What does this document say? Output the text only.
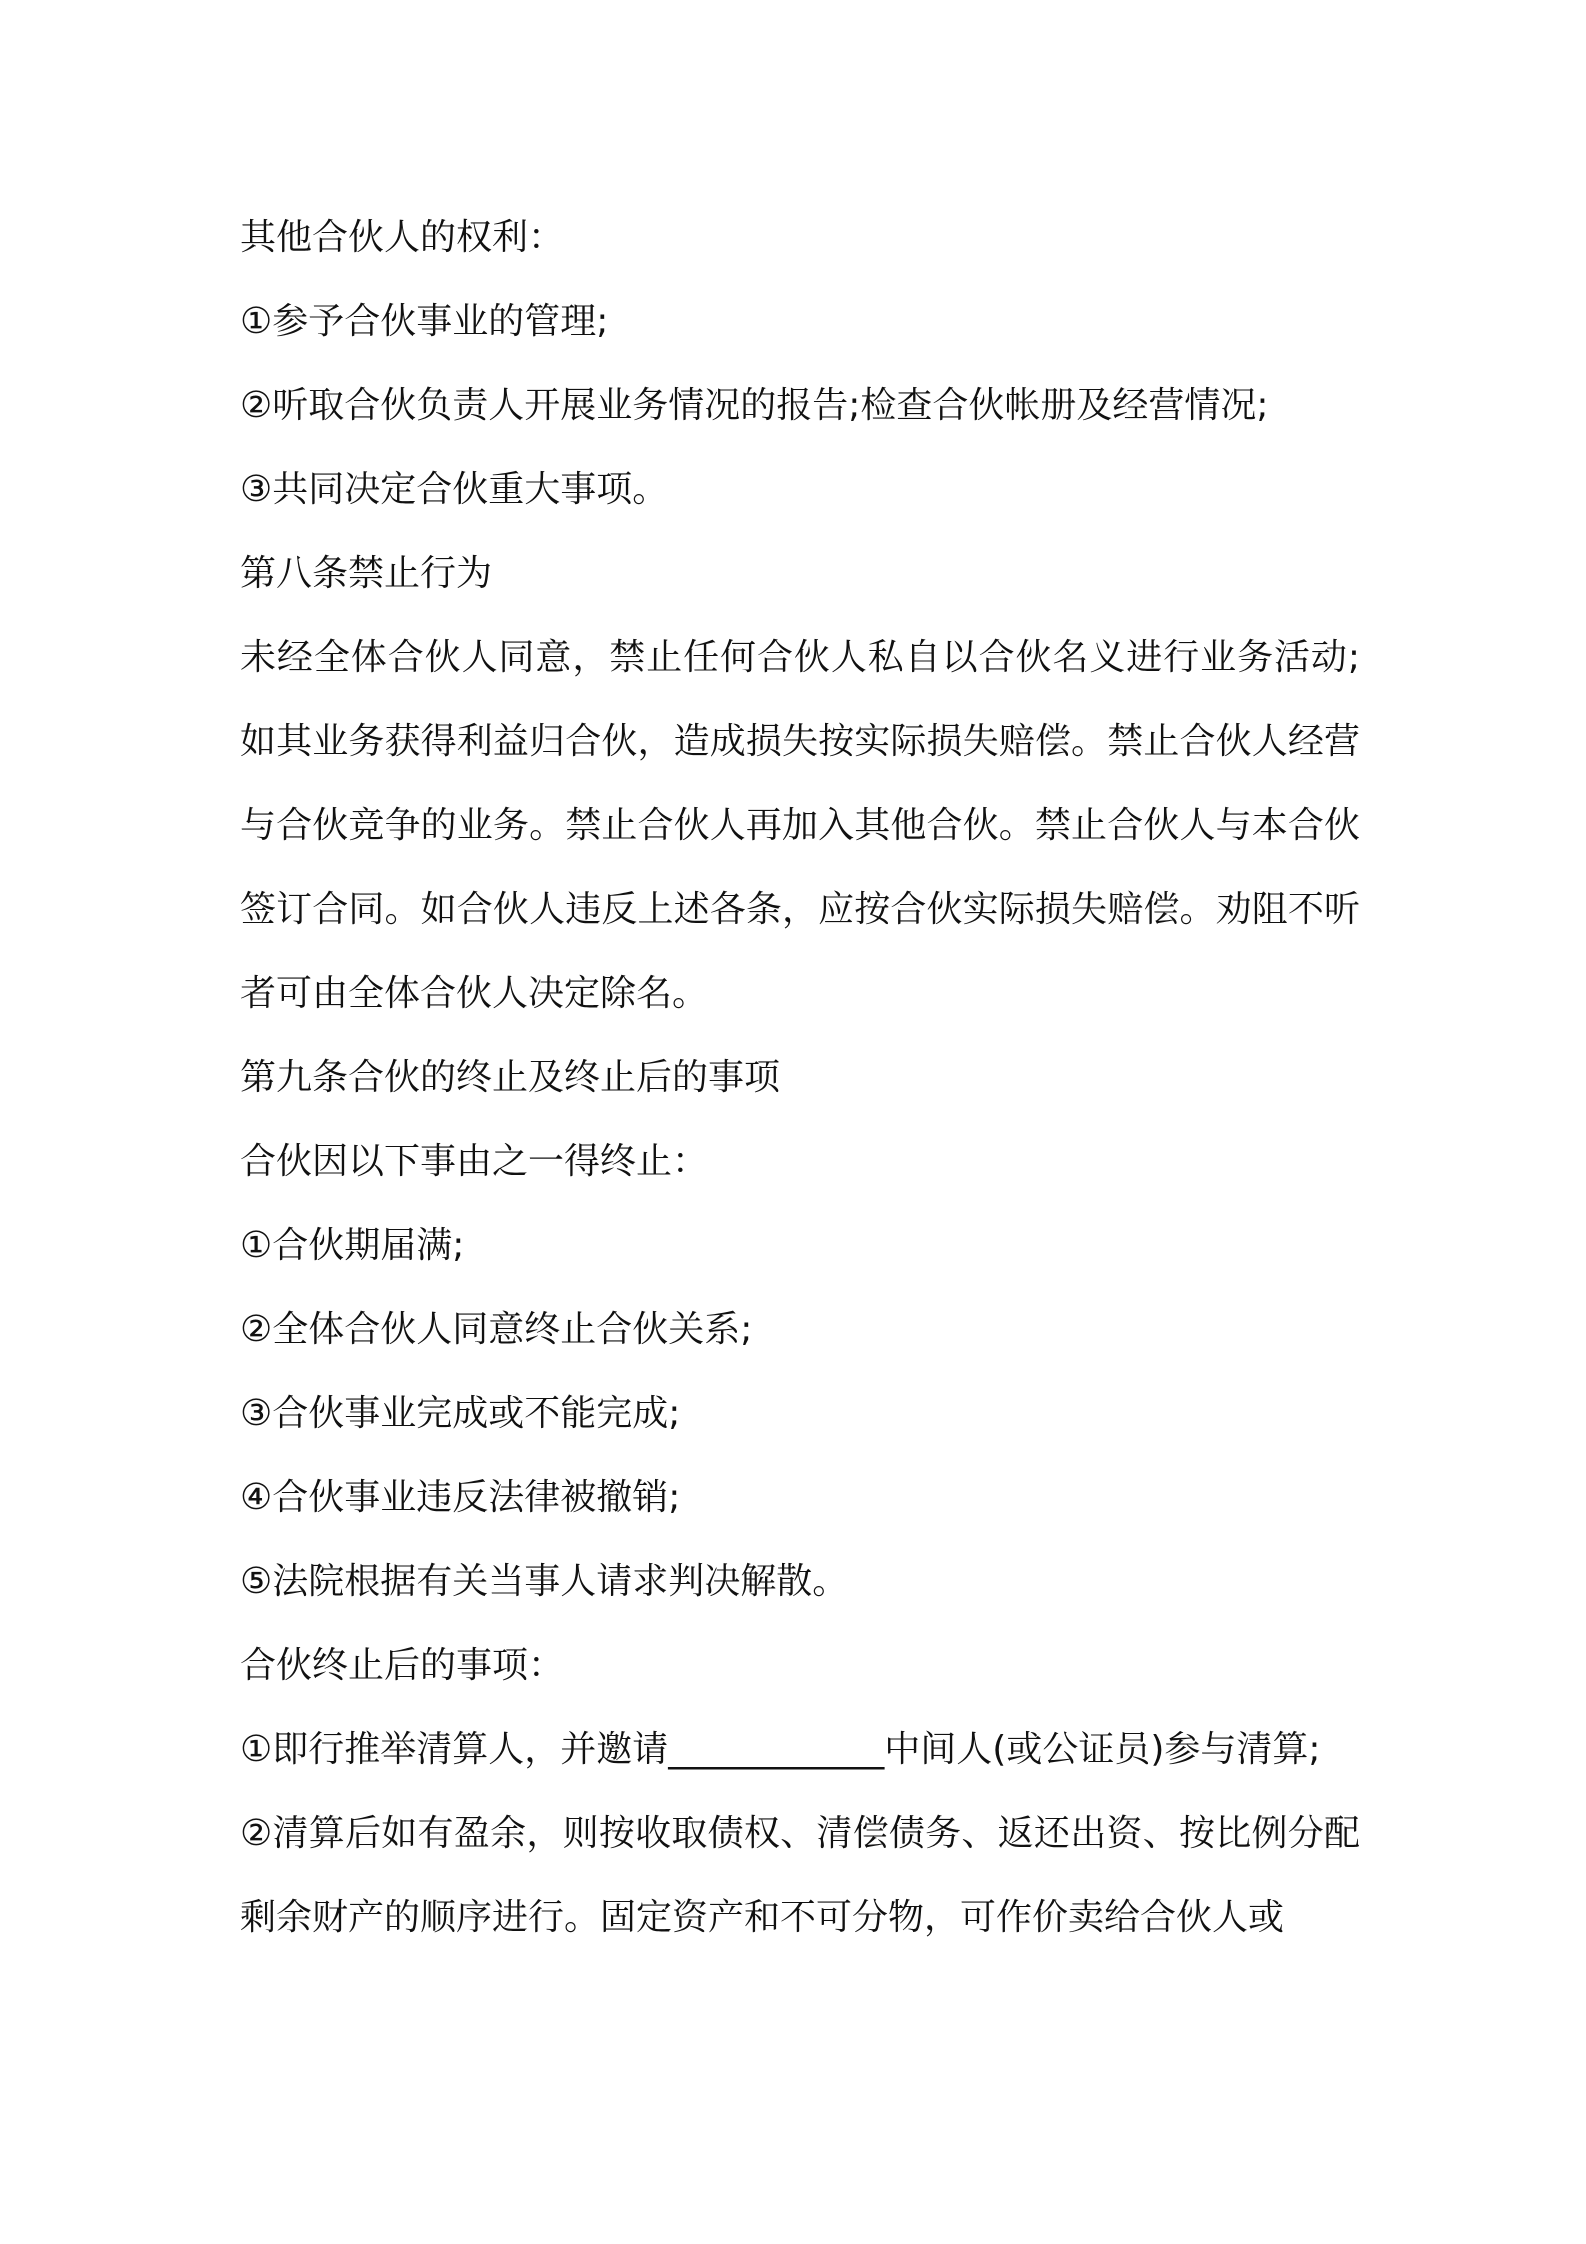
其他合伙人的权利：

①参予合伙事业的管理;

②听取合伙负责人开展业务情况的报告;检查合伙帐册及经营情况;

③共同决定合伙重大事项。

第八条禁止行为

未经全体合伙人同意，禁止任何合伙人私自以合伙名义进行业务活动;如其业务获得利益归合伙，造成损失按实际损失赔偿。禁止合伙人经营与合伙竞争的业务。禁止合伙人再加入其他合伙。禁止合伙人与本合伙签订合同。如合伙人违反上述各条，应按合伙实际损失赔偿。劝阻不听者可由全体合伙人决定除名。

第九条合伙的终止及终止后的事项

合伙因以下事由之一得终止：

①合伙期届满;

②全体合伙人同意终止合伙关系;

③合伙事业完成或不能完成;

④合伙事业违反法律被撤销;

⑤法院根据有关当事人请求判决解散。

合伙终止后的事项：

①即行推举清算人，并邀请____________中间人(或公证员)参与清算;

②清算后如有盈余，则按收取债权、清偿债务、返还出资、按比例分配剩余财产的顺序进行。固定资产和不可分物，可作价卖给合伙人或
